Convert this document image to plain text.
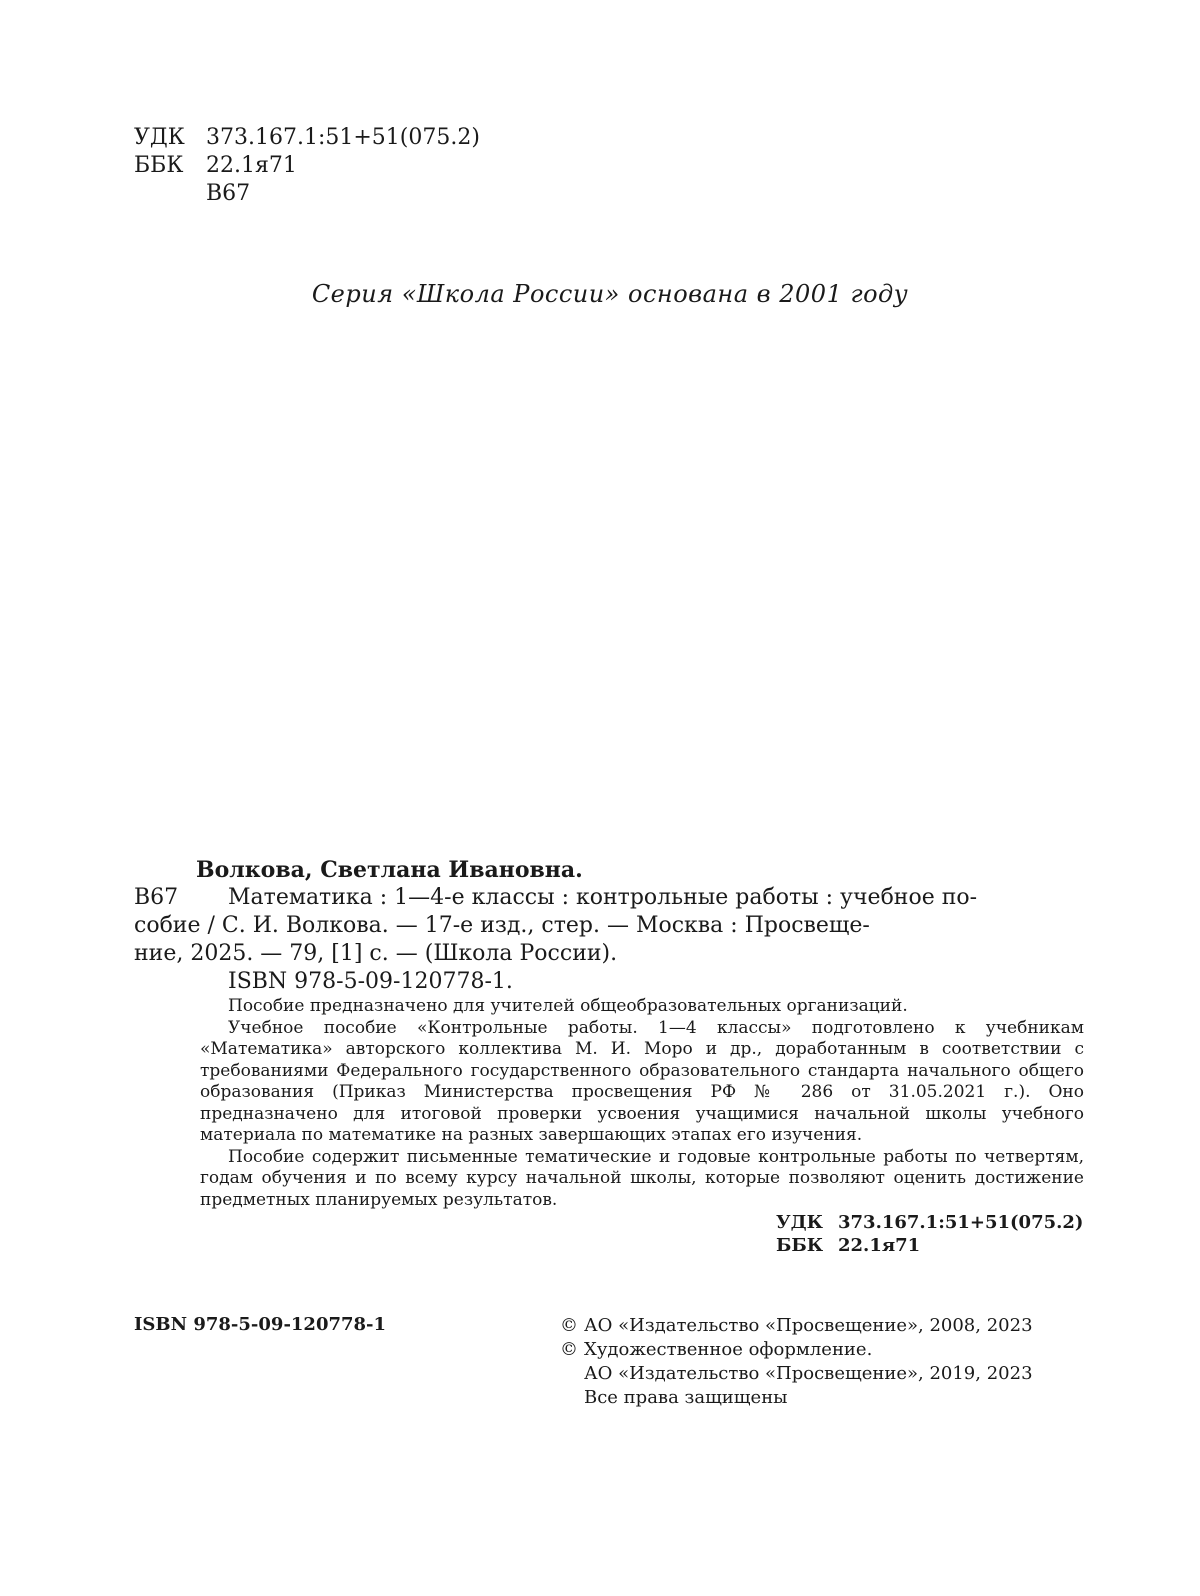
УДК 373.167.1:51+51(075.2)
ББК 22.1я71
В67
Серия «Школа России» основана в 2001 году
Волкова, Светлана Ивановна.
В67 Математика : 1—4-е классы : контрольные работы : учебное по-
собие / С. И. Волкова. — 17-е изд., стер. — Москва : Просвеще-
ние, 2025. — 79, [1] с. — (Школа России).
ISBN 978-5-09-120778-1.

Пособие предназначено для учителей общеобразовательных организаций.

Учебное пособие «Контрольные работы. 1—4 классы» подготовлено к учебникам «Математика» авторского коллектива М. И. Моро и др., доработанным в соответствии с требованиями Федерального государственного образовательного стандарта начального общего образования (Приказ Министерства просвещения РФ № 286 от 31.05.2021 г.). Оно предназначено для итоговой проверки усвоения учащимися начальной школы учебного материала по математике на разных завершающих этапах его изучения.

Пособие содержит письменные тематические и годовые контрольные работы по четвертям, годам обучения и по всему курсу начальной школы, которые позволяют оценить достижение предметных планируемых результатов.

УДК 373.167.1:51+51(075.2)
ББК 22.1я71
ISBN 978-5-09-120778-1	© АО «Издательство «Просвещение», 2008, 2023
© Художественное оформление.
АО «Издательство «Просвещение», 2019, 2023
Все права защищены
